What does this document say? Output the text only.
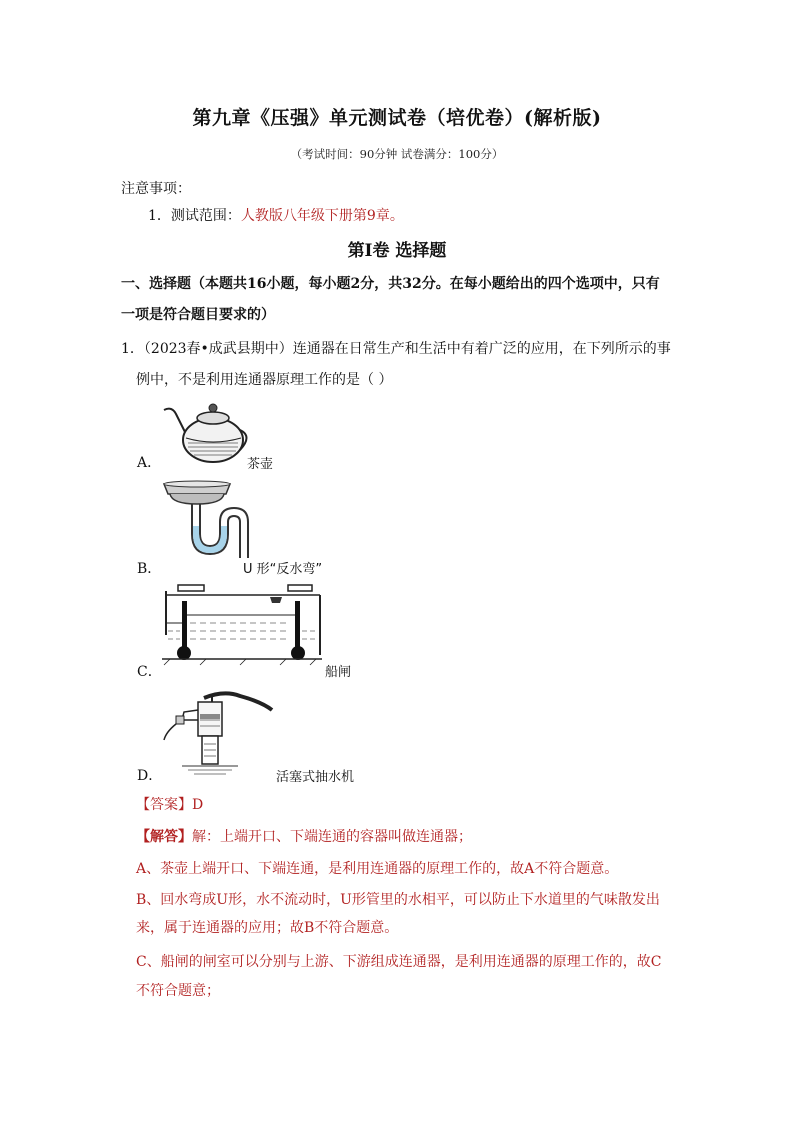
第九章《压强》单元测试卷（培优卷）(解析版)
（考试时间：90分钟 试卷满分：100分）
注意事项：
1．测试范围：人教版八年级下册第9章。
第Ⅰ卷 选择题
一、选择题（本题共16小题，每小题2分，共32分。在每小题给出的四个选项中，只有
一项是符合题目要求的）
1．（2023春•成武县期中）连通器在日常生产和生活中有着广泛的应用，在下列所示的事
例中，不是利用连通器原理工作的是（ ）
A．	茶壶
B．	U 形“反水弯”
C．	船闸
D．	活塞式抽水机
【答案】D
【解答】解：上端开口、下端连通的容器叫做连通器；
A、茶壶上端开口、下端连通，是利用连通器的原理工作的，故A不符合题意。
B、回水弯成U形，水不流动时，U形管里的水相平，可以防止下水道里的气味散发出
来，属于连通器的应用；故B不符合题意。
C、船闸的闸室可以分别与上游、下游组成连通器，是利用连通器的原理工作的，故C
不符合题意；
